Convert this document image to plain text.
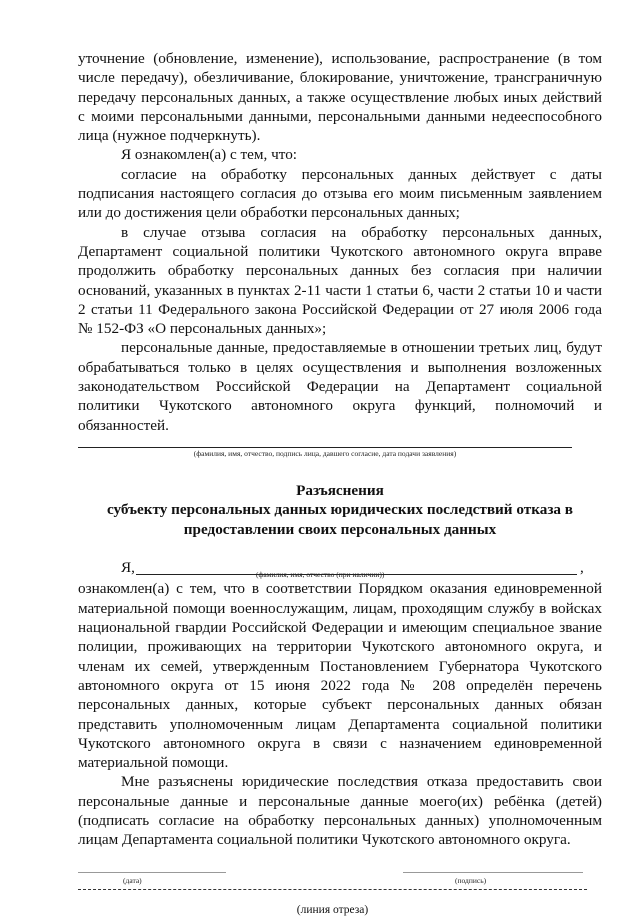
уточнение (обновление, изменение), использование, распространение (в том числе передачу), обезличивание, блокирование, уничтожение, трансграничную передачу персональных данных, а также осуществление любых иных действий с моими персональными данными, персональными данными недееспособного лица (нужное подчеркнуть).

Я ознакомлен(а) с тем, что:

согласие на обработку персональных данных действует с даты подписания настоящего согласия до отзыва его моим письменным заявлением или до достижения цели обработки персональных данных;

в случае отзыва согласия на обработку персональных данных, Департамент социальной политики Чукотского автономного округа вправе продолжить обработку персональных данных без согласия при наличии оснований, указанных в пунктах 2-11 части 1 статьи 6, части 2 статьи 10 и части 2 статьи 11 Федерального закона Российской Федерации от 27 июля 2006 года № 152-ФЗ «О персональных данных»;

персональные данные, предоставляемые в отношении третьих лиц, будут обрабатываться только в целях осуществления и выполнения возложенных законодательством Российской Федерации на Департамент социальной политики Чукотского автономного округа функций, полномочий и обязанностей.

(фамилия, имя, отчество, подпись лица, давшего согласие, дата подачи заявления)
Разъяснения
субъекту персональных данных юридических последствий отказа в
предоставлении своих персональных данных
Я,	,
(фамилия, имя, отчество (при наличии))

ознакомлен(а) с тем, что в соответствии Порядком оказания единовременной материальной помощи военнослужащим, лицам, проходящим службу в войсках национальной гвардии Российской Федерации и имеющим специальное звание полиции, проживающих на территории Чукотского автономного округа, и членам их семей, утвержденным Постановлением Губернатора Чукотского автономного округа от 15 июня 2022 года № 208 определён перечень персональных данных, которые субъект персональных данных обязан представить уполномоченным лицам Департамента социальной политики Чукотского автономного округа в связи с назначением единовременной материальной помощи.

Мне разъяснены юридические последствия отказа предоставить свои персональные данные и персональные данные моего(их) ребёнка (детей) (подписать согласие на обработку персональных данных) уполномоченным лицам Департамента социальной политики Чукотского автономного округа.

(дата)	(подпись)
(линия отреза)
